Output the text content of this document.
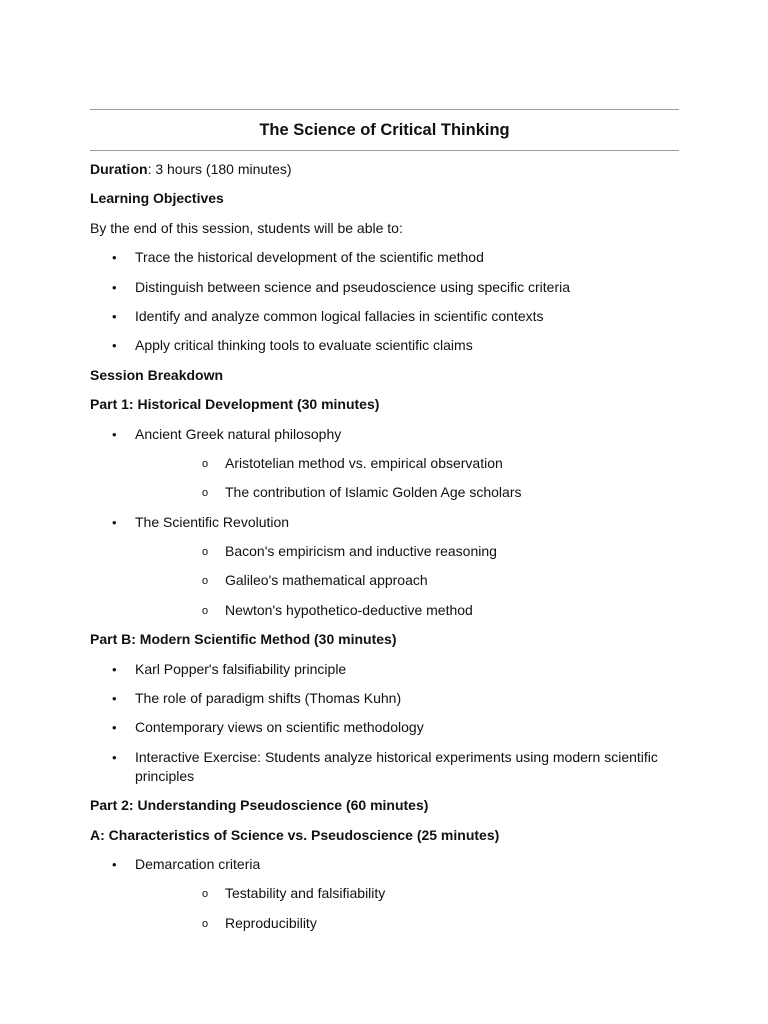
The Science of Critical Thinking

Duration: 3 hours (180 minutes)

Learning Objectives

By the end of this session, students will be able to:

• Trace the historical development of the scientific method
• Distinguish between science and pseudoscience using specific criteria
• Identify and analyze common logical fallacies in scientific contexts
• Apply critical thinking tools to evaluate scientific claims

Session Breakdown

Part 1: Historical Development (30 minutes)

• Ancient Greek natural philosophy
o Aristotelian method vs. empirical observation
o The contribution of Islamic Golden Age scholars
• The Scientific Revolution
o Bacon's empiricism and inductive reasoning
o Galileo's mathematical approach
o Newton's hypothetico-deductive method

Part B: Modern Scientific Method (30 minutes)

• Karl Popper's falsifiability principle
• The role of paradigm shifts (Thomas Kuhn)
• Contemporary views on scientific methodology
• Interactive Exercise: Students analyze historical experiments using modern scientific principles

Part 2: Understanding Pseudoscience (60 minutes)

A: Characteristics of Science vs. Pseudoscience (25 minutes)

• Demarcation criteria
o Testability and falsifiability
o Reproducibility
